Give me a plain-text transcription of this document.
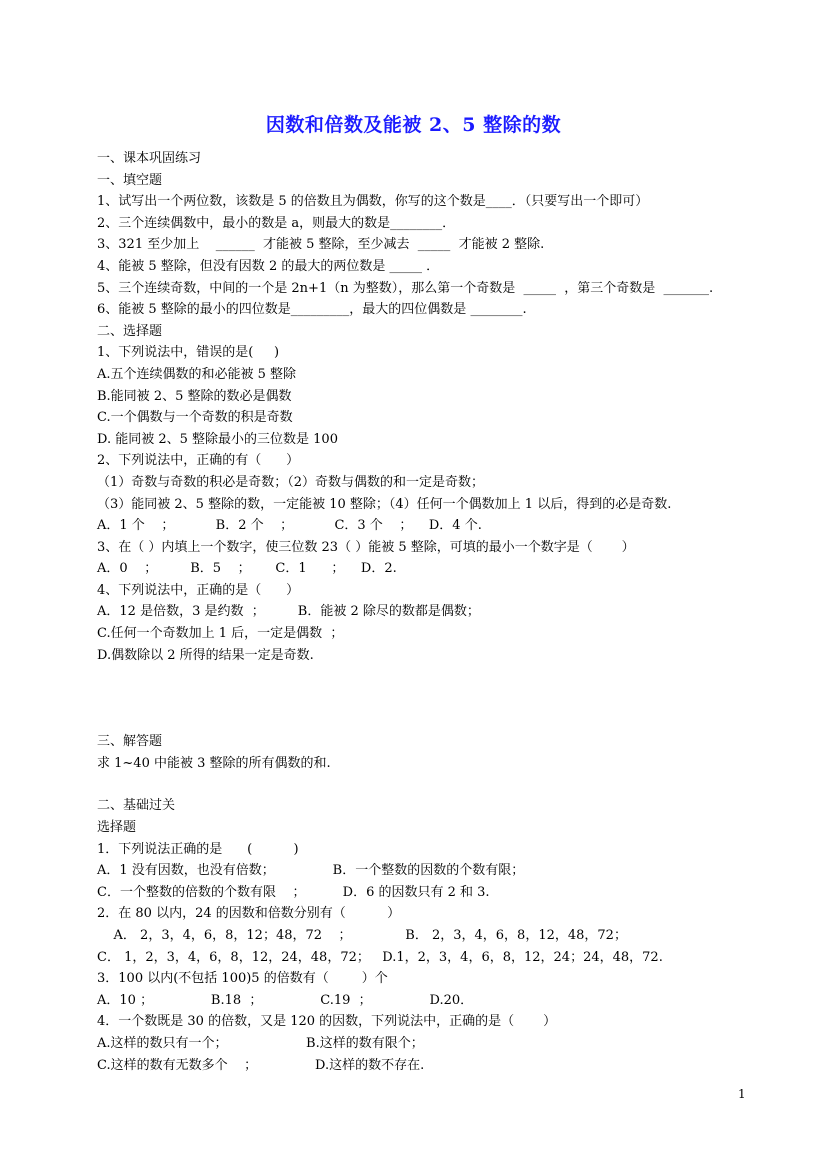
因数和倍数及能被 2、5 整除的数
一、课本巩固练习
一、填空题
1、试写出一个两位数，该数是 5 的倍数且为偶数，你写的这个数是____．（只要写出一个即可）
2、三个连续偶数中，最小的数是 a，则最大的数是________．
3、321 至少加上    ______  才能被 5 整除，至少减去  _____  才能被 2 整除.
4、能被 5 整除，但没有因数 2 的最大的两位数是 _____ ．
5、三个连续奇数，中间的一个是 2n+1（n 为整数），那么第一个奇数是  _____  ，第三个奇数是  _______.
6、能被 5 整除的最小的四位数是_________，最大的四位偶数是 ________.
二、选择题
1、下列说法中，错误的是(     )
A.五个连续偶数的和必能被 5 整除
B.能同被 2、5 整除的数必是偶数
C.一个偶数与一个奇数的积是奇数
D. 能同被 2、5 整除最小的三位数是 100
2、下列说法中，正确的有（      ）
（1）奇数与奇数的积必是奇数；（2）奇数与偶数的和一定是奇数；
（3）能同被 2、5 整除的数，一定能被 10 整除；（4）任何一个偶数加上 1 以后，得到的必是奇数.
A．1 个    ；          B．2 个    ；          C．3 个    ；    D．4 个.
3、在（ ）内填上一个数字，使三位数 23（ ）能被 5 整除，可填的最小一个数字是（       ）
A．0    ；        B．5    ；      C．1      ；    D．2.
4、下列说法中，正确的是（      ）
A．12 是倍数，3 是约数  ；        B．能被 2 除尽的数都是偶数；
C.任何一个奇数加上 1 后，一定是偶数  ；
D.偶数除以 2 所得的结果一定是奇数.
三、解答题
求 1~40 中能被 3 整除的所有偶数的和.
二、基础过关
选择题
1．下列说法正确的是      (          )
A．1 没有因数，也没有倍数；              B．一个整数的因数的个数有限；
C．一个整数的倍数的个数有限    ；         D．6 的因数只有 2 和 3.
2．在 80 以内，24 的因数和倍数分别有（          ）
A． 2，3，4，6，8，12；48，72    ；             B． 2，3，4，6，8，12，48，72；
C． 1，2，3，4，6，8，12，24，48，72；   D.1，2，3，4，6，8，12，24；24，48，72.
3．100 以内(不包括 100)5 的倍数有（        ）个
A．10 ；              B.18  ；              C.19  ；              D.20．
4．一个数既是 30 的倍数，又是 120 的因数，下列说法中，正确的是（       ）
A.这样的数只有一个；                   B.这样的数有限个；
C.这样的数有无数多个    ；              D.这样的数不存在.
1
